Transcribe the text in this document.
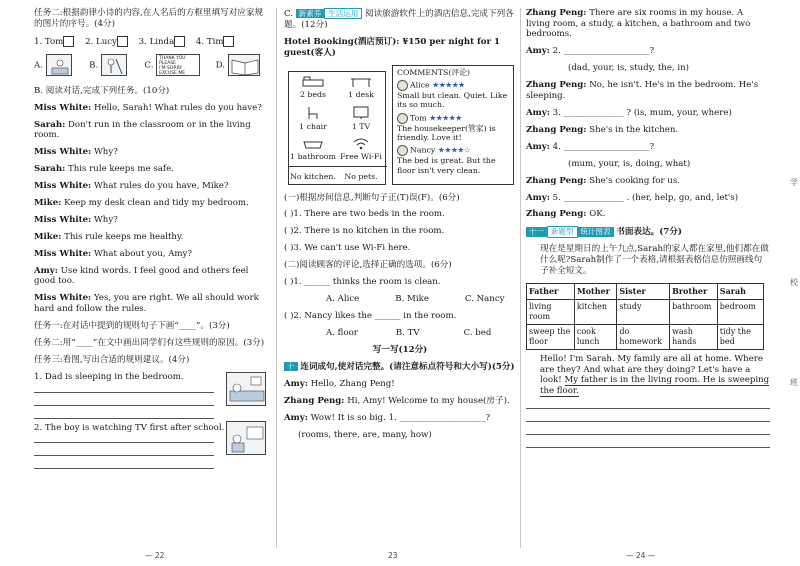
任务二:根据韵律小诗的内容,在人名后的方框里填写对应家规的图片的序号。(4分)

1. Tom	2. Lucy	3. Linda	4. Tim
A.	B.	C.
THANK YOU
PLEASE
I'M SORRY
EXCUSE ME
D.

B. 阅读对话,完成下列任务。(10分)

Miss White: Hello, Sarah! What rules do you have?
Sarah: Don't run in the classroom or in the living room.
Miss White: Why?
Sarah: This rule keeps me safe.
Miss White: What rules do you have, Mike?
Mike: Keep my desk clean and tidy my bedroom.
Miss White: Why?
Mike: This rule keeps me healthy.
Miss White: What about you, Amy?
Amy: Use kind words. I feel good and others feel good too.
Miss White: Yes, you are right. We all should work hard and follow the rules.

任务一:在对话中提到的规则句子下画“____”。(3分)

任务二:用“____”在文中画出同学们有这些规则的原因。(3分)

任务三:看图,写出合适的规则建议。(4分)

1. Dad is sleeping in the bedroom.
2. The boy is watching TV first after school.
— 22

C. 新素养 生活运用 阅读旅游软件上的酒店信息,完成下列各题。(12分)

Hotel Booking(酒店预订): ¥150 per night for 1 guest(客人)

2 beds	1 desk
1 chair	1 TV
1 bathroom Free Wi-Fi
No kitchen.	No pets.
COMMENTS(评论)
Alice ★★★★★
Small but clean. Quiet. Like its so much.
Tom ★★★★★
The housekeeper(管家) is friendly. Love it!
Nancy ★★★★☆
The bed is great. But the floor isn't very clean.

(一)根据房间信息,判断句子正(T)误(F)。(6分)

( )1. There are two beds in the room.

( )2. There is no kitchen in the room.

( )3. We can't use Wi-Fi here.

(二)阅读顾客的评论,选择正确的选项。(6分)

( )1. ______ thinks the room is clean.

A. Alice	B. Mike	C. Nancy

( )2. Nancy likes the ______ in the room.

A. floor	B. TV	C. bed

写一写(12分)

十 连词成句,使对话完整。(请注意标点符号和大小写)(5分)

Amy: Hello, Zhang Peng!

Zhang Peng: Hi, Amy! Welcome to my house(房子).

Amy: Wow! It is so big. 1. ____________________?

(rooms, there, are, many, how)

23

Zhang Peng: There are six rooms in my house. A living room, a study, a kitchen, a bathroom and two bedrooms.

Amy: 2. ____________________?

(dad, your, is, study, the, in)

Zhang Peng: No, he isn't. He's in the bedroom. He's sleeping.

Amy: 3. ______________ ? (is, mum, your, where)

Zhang Peng: She's in the kitchen.

Amy: 4. ____________________?

(mum, your, is, doing, what)

Zhang Peng: She's cooking for us.

Amy: 5. ______________ . (her, help, go, and, let's)

Zhang Peng: OK.

十一 新题型 统计图表 书面表达。(7分)

现在是星期日的上午九点,Sarah的家人都在家里,他们都在做什么呢?Sarah制作了一个表格,请根据表格信息仿照画线句子补全短文。

Father	Mother	Sister	Brother	Sarah
living room	kitchen	study	bathroom	bedroom
sweep the floor	cook lunch	do homework	wash hands	tidy the bed

Hello! I'm Sarah. My family are all at home. Where are they? And what are they doing? Let's have a look! My father is in the living room. He is sweeping the floor.

— 24 —
学
校
班
